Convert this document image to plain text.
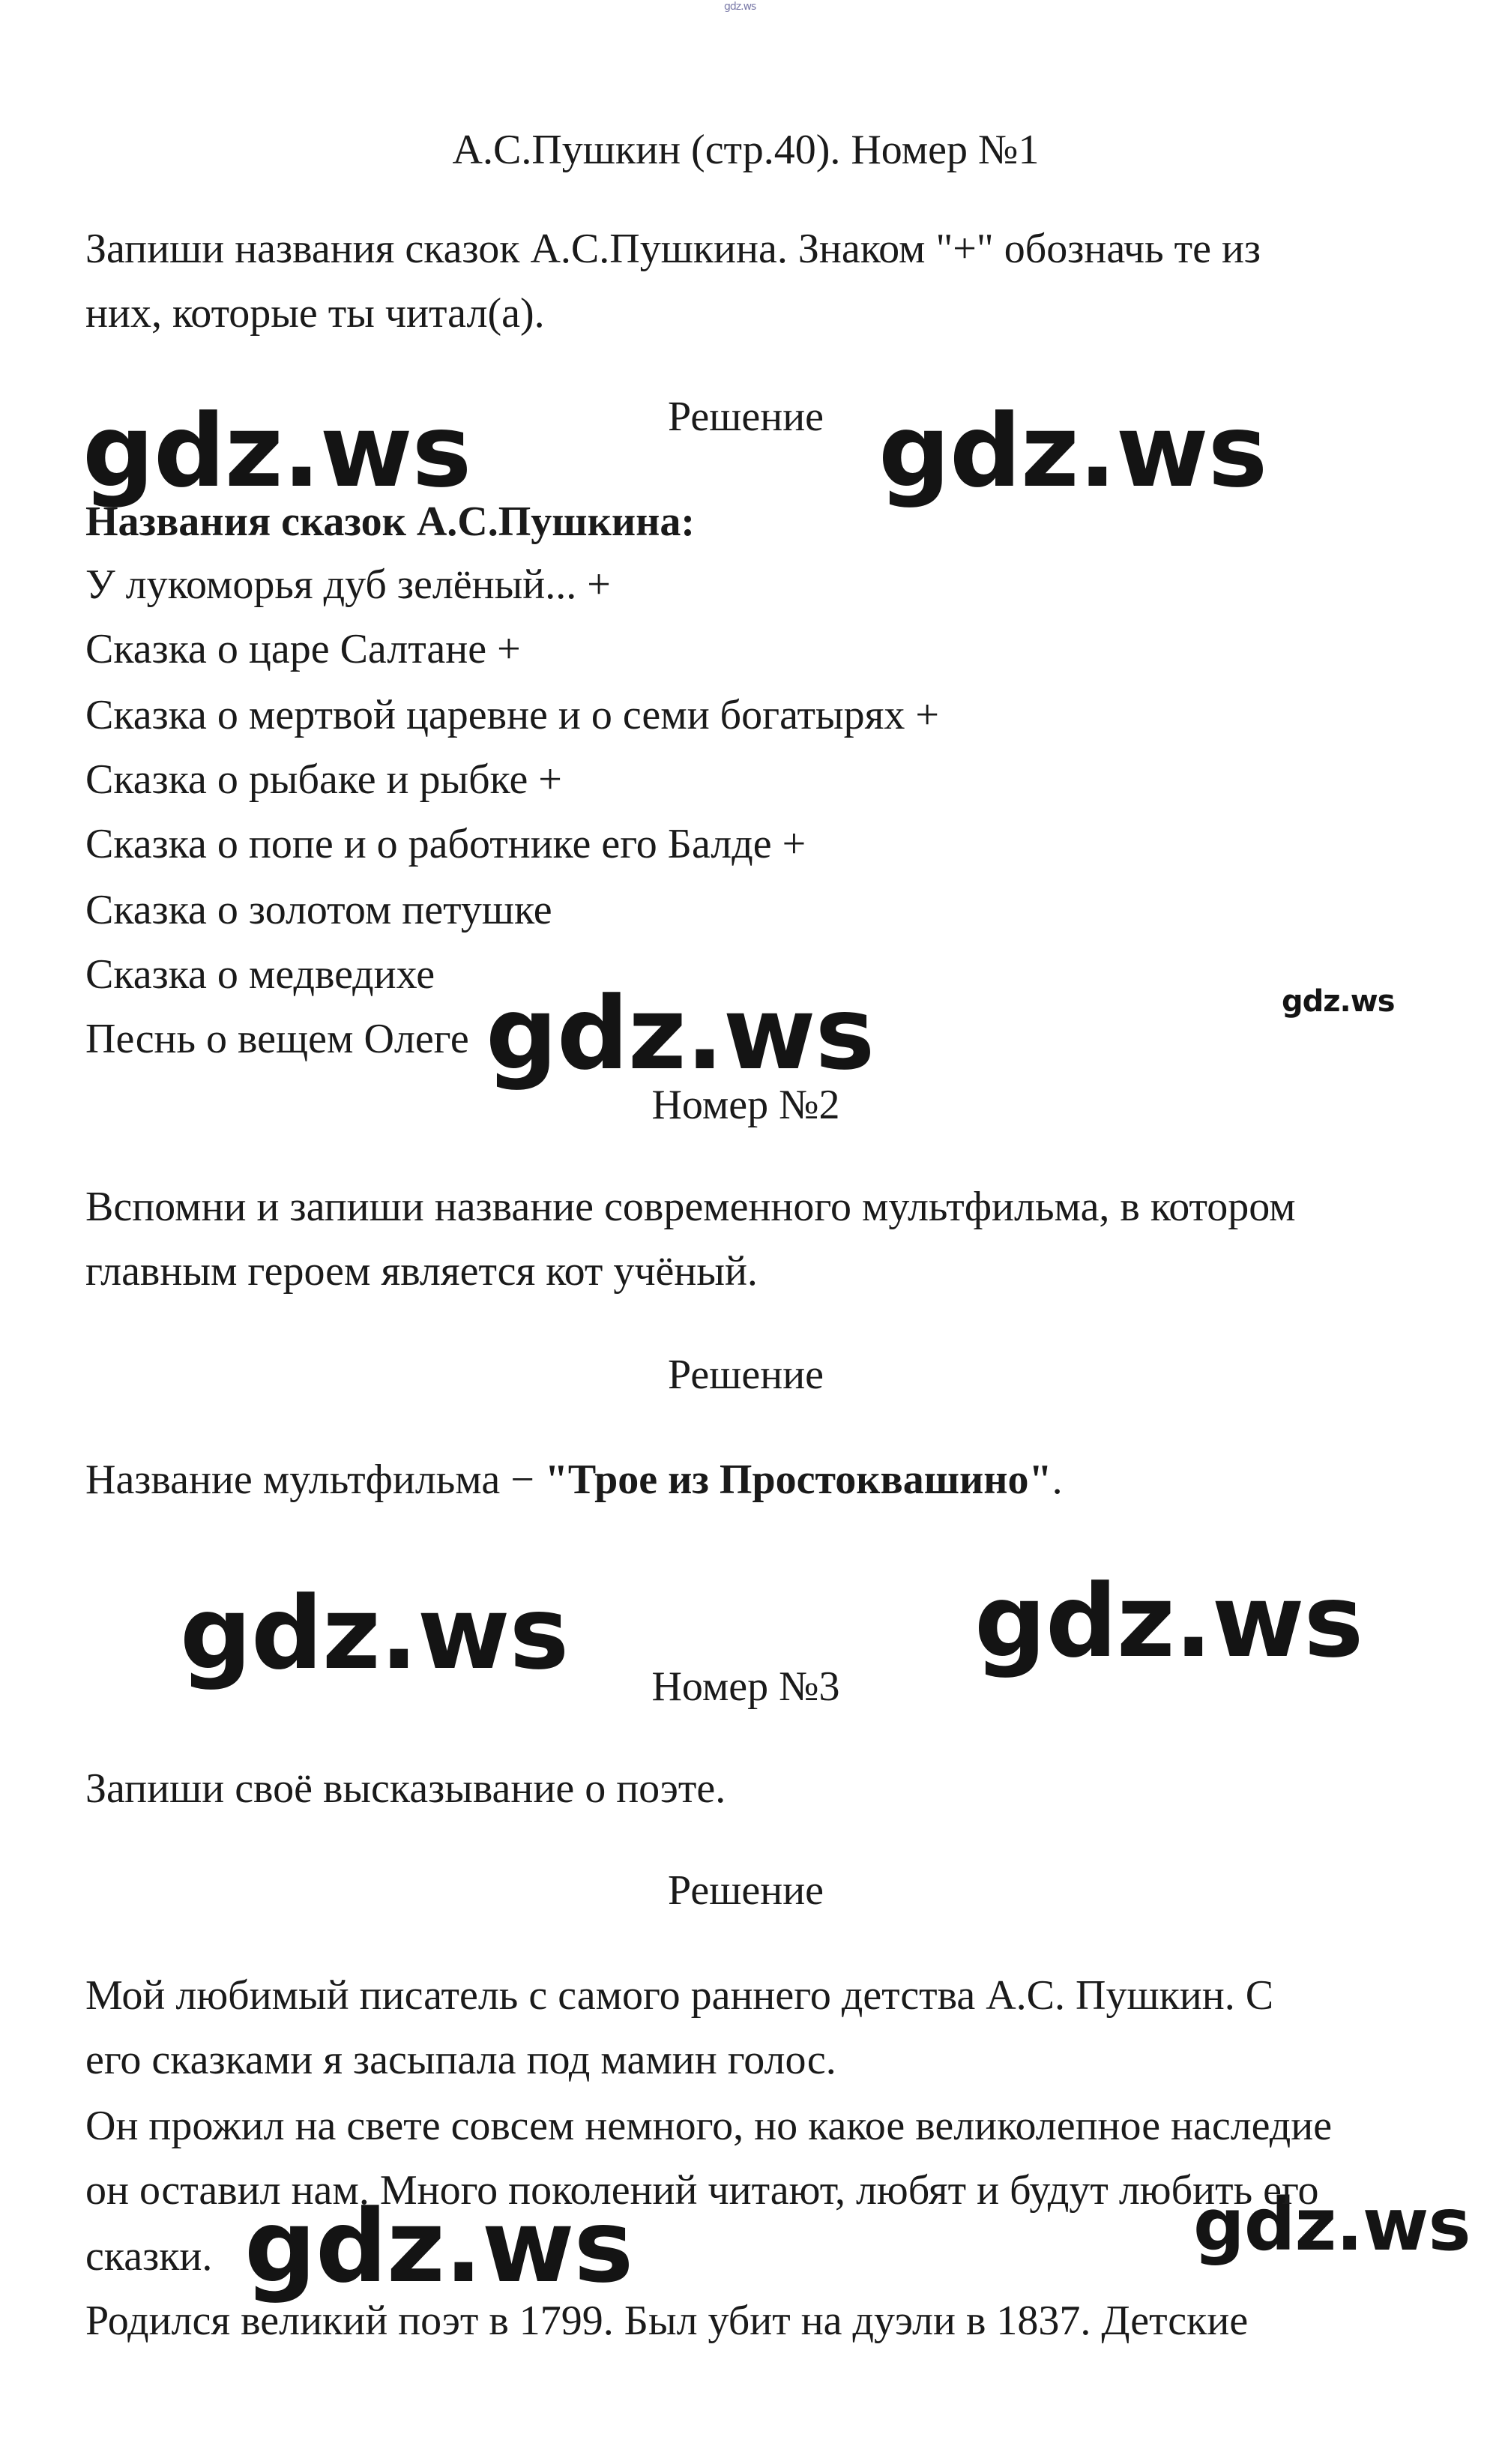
gdz.ws
gdz.ws	gdz.ws
gdz.ws
gdz.ws
gdz.ws	gdz.ws
gdz.ws	gdz.ws
А.С.Пушкин (стр.40). Номер №1
Запиши названия сказок А.С.Пушкина. Знаком "+" обозначь те из
них, которые ты читал(а).
Решение
Названия сказок А.С.Пушкина:
У лукоморья дуб зелёный... +
Сказка о царе Салтане +
Сказка о мертвой царевне и о семи богатырях +
Сказка о рыбаке и рыбке +
Сказка о попе и о работнике его Балде +
Сказка о золотом петушке
Сказка о медведихе
Песнь о вещем Олеге
Номер №2
Вспомни и запиши название современного мультфильма, в котором
главным героем является кот учёный.
Решение
Название мультфильма − "Трое из Простоквашино".
Номер №3
Запиши своё высказывание о поэте.
Решение
Мой любимый писатель с самого раннего детства А.С. Пушкин. С
его сказками я засыпала под мамин голос.
Он прожил на свете совсем немного, но какое великолепное наследие
он оставил нам. Много поколений читают, любят и будут любить его
сказки.
Родился великий поэт в 1799. Был убит на дуэли в 1837. Детские
